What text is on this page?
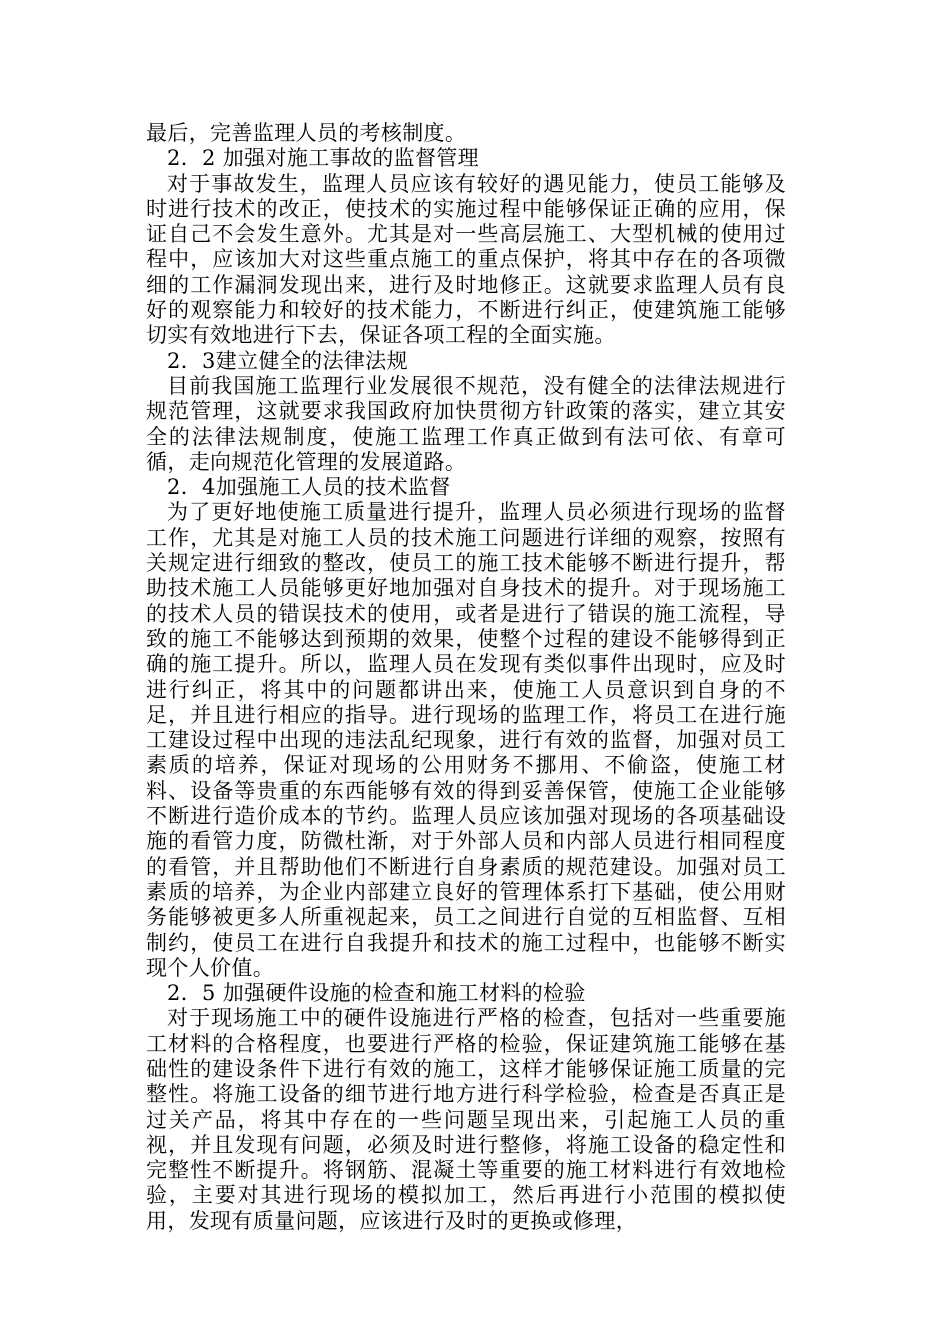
最后，完善监理人员的考核制度。

2．2 加强对施工事故的监督管理

对于事故发生，监理人员应该有较好的遇见能力，使员工能够及时进行技术的改正，使技术的实施过程中能够保证正确的应用，保证自己不会发生意外。尤其是对一些高层施工、大型机械的使用过程中，应该加大对这些重点施工的重点保护，将其中存在的各项微细的工作漏洞发现出来，进行及时地修正。这就要求监理人员有良好的观察能力和较好的技术能力，不断进行纠正，使建筑施工能够切实有效地进行下去，保证各项工程的全面实施。

2．3建立健全的法律法规

目前我国施工监理行业发展很不规范，没有健全的法律法规进行规范管理，这就要求我国政府加快贯彻方针政策的落实，建立其安全的法律法规制度，使施工监理工作真正做到有法可依、有章可循，走向规范化管理的发展道路。

2．4加强施工人员的技术监督

为了更好地使施工质量进行提升，监理人员必须进行现场的监督工作，尤其是对施工人员的技术施工问题进行详细的观察，按照有关规定进行细致的整改，使员工的施工技术能够不断进行提升，帮助技术施工人员能够更好地加强对自身技术的提升。对于现场施工的技术人员的错误技术的使用，或者是进行了错误的施工流程，导致的施工不能够达到预期的效果，使整个过程的建设不能够得到正确的施工提升。所以，监理人员在发现有类似事件出现时，应及时进行纠正，将其中的问题都讲出来，使施工人员意识到自身的不足，并且进行相应的指导。进行现场的监理工作，将员工在进行施工建设过程中出现的违法乱纪现象，进行有效的监督，加强对员工素质的培养，保证对现场的公用财务不挪用、不偷盗，使施工材料、设备等贵重的东西能够有效的得到妥善保管，使施工企业能够不断进行造价成本的节约。监理人员应该加强对现场的各项基础设施的看管力度，防微杜渐，对于外部人员和内部人员进行相同程度的看管，并且帮助他们不断进行自身素质的规范建设。加强对员工素质的培养，为企业内部建立良好的管理体系打下基础，使公用财务能够被更多人所重视起来，员工之间进行自觉的互相监督、互相制约，使员工在进行自我提升和技术的施工过程中，也能够不断实现个人价值。

2．5 加强硬件设施的检查和施工材料的检验

对于现场施工中的硬件设施进行严格的检查，包括对一些重要施工材料的合格程度，也要进行严格的检验，保证建筑施工能够在基础性的建设条件下进行有效的施工，这样才能够保证施工质量的完整性。将施工设备的细节进行地方进行科学检验，检查是否真正是过关产品，将其中存在的一些问题呈现出来，引起施工人员的重视，并且发现有问题，必须及时进行整修，将施工设备的稳定性和完整性不断提升。将钢筋、混凝土等重要的施工材料进行有效地检验，主要对其进行现场的模拟加工，然后再进行小范围的模拟使用，发现有质量问题，应该进行及时的更换或修理，
